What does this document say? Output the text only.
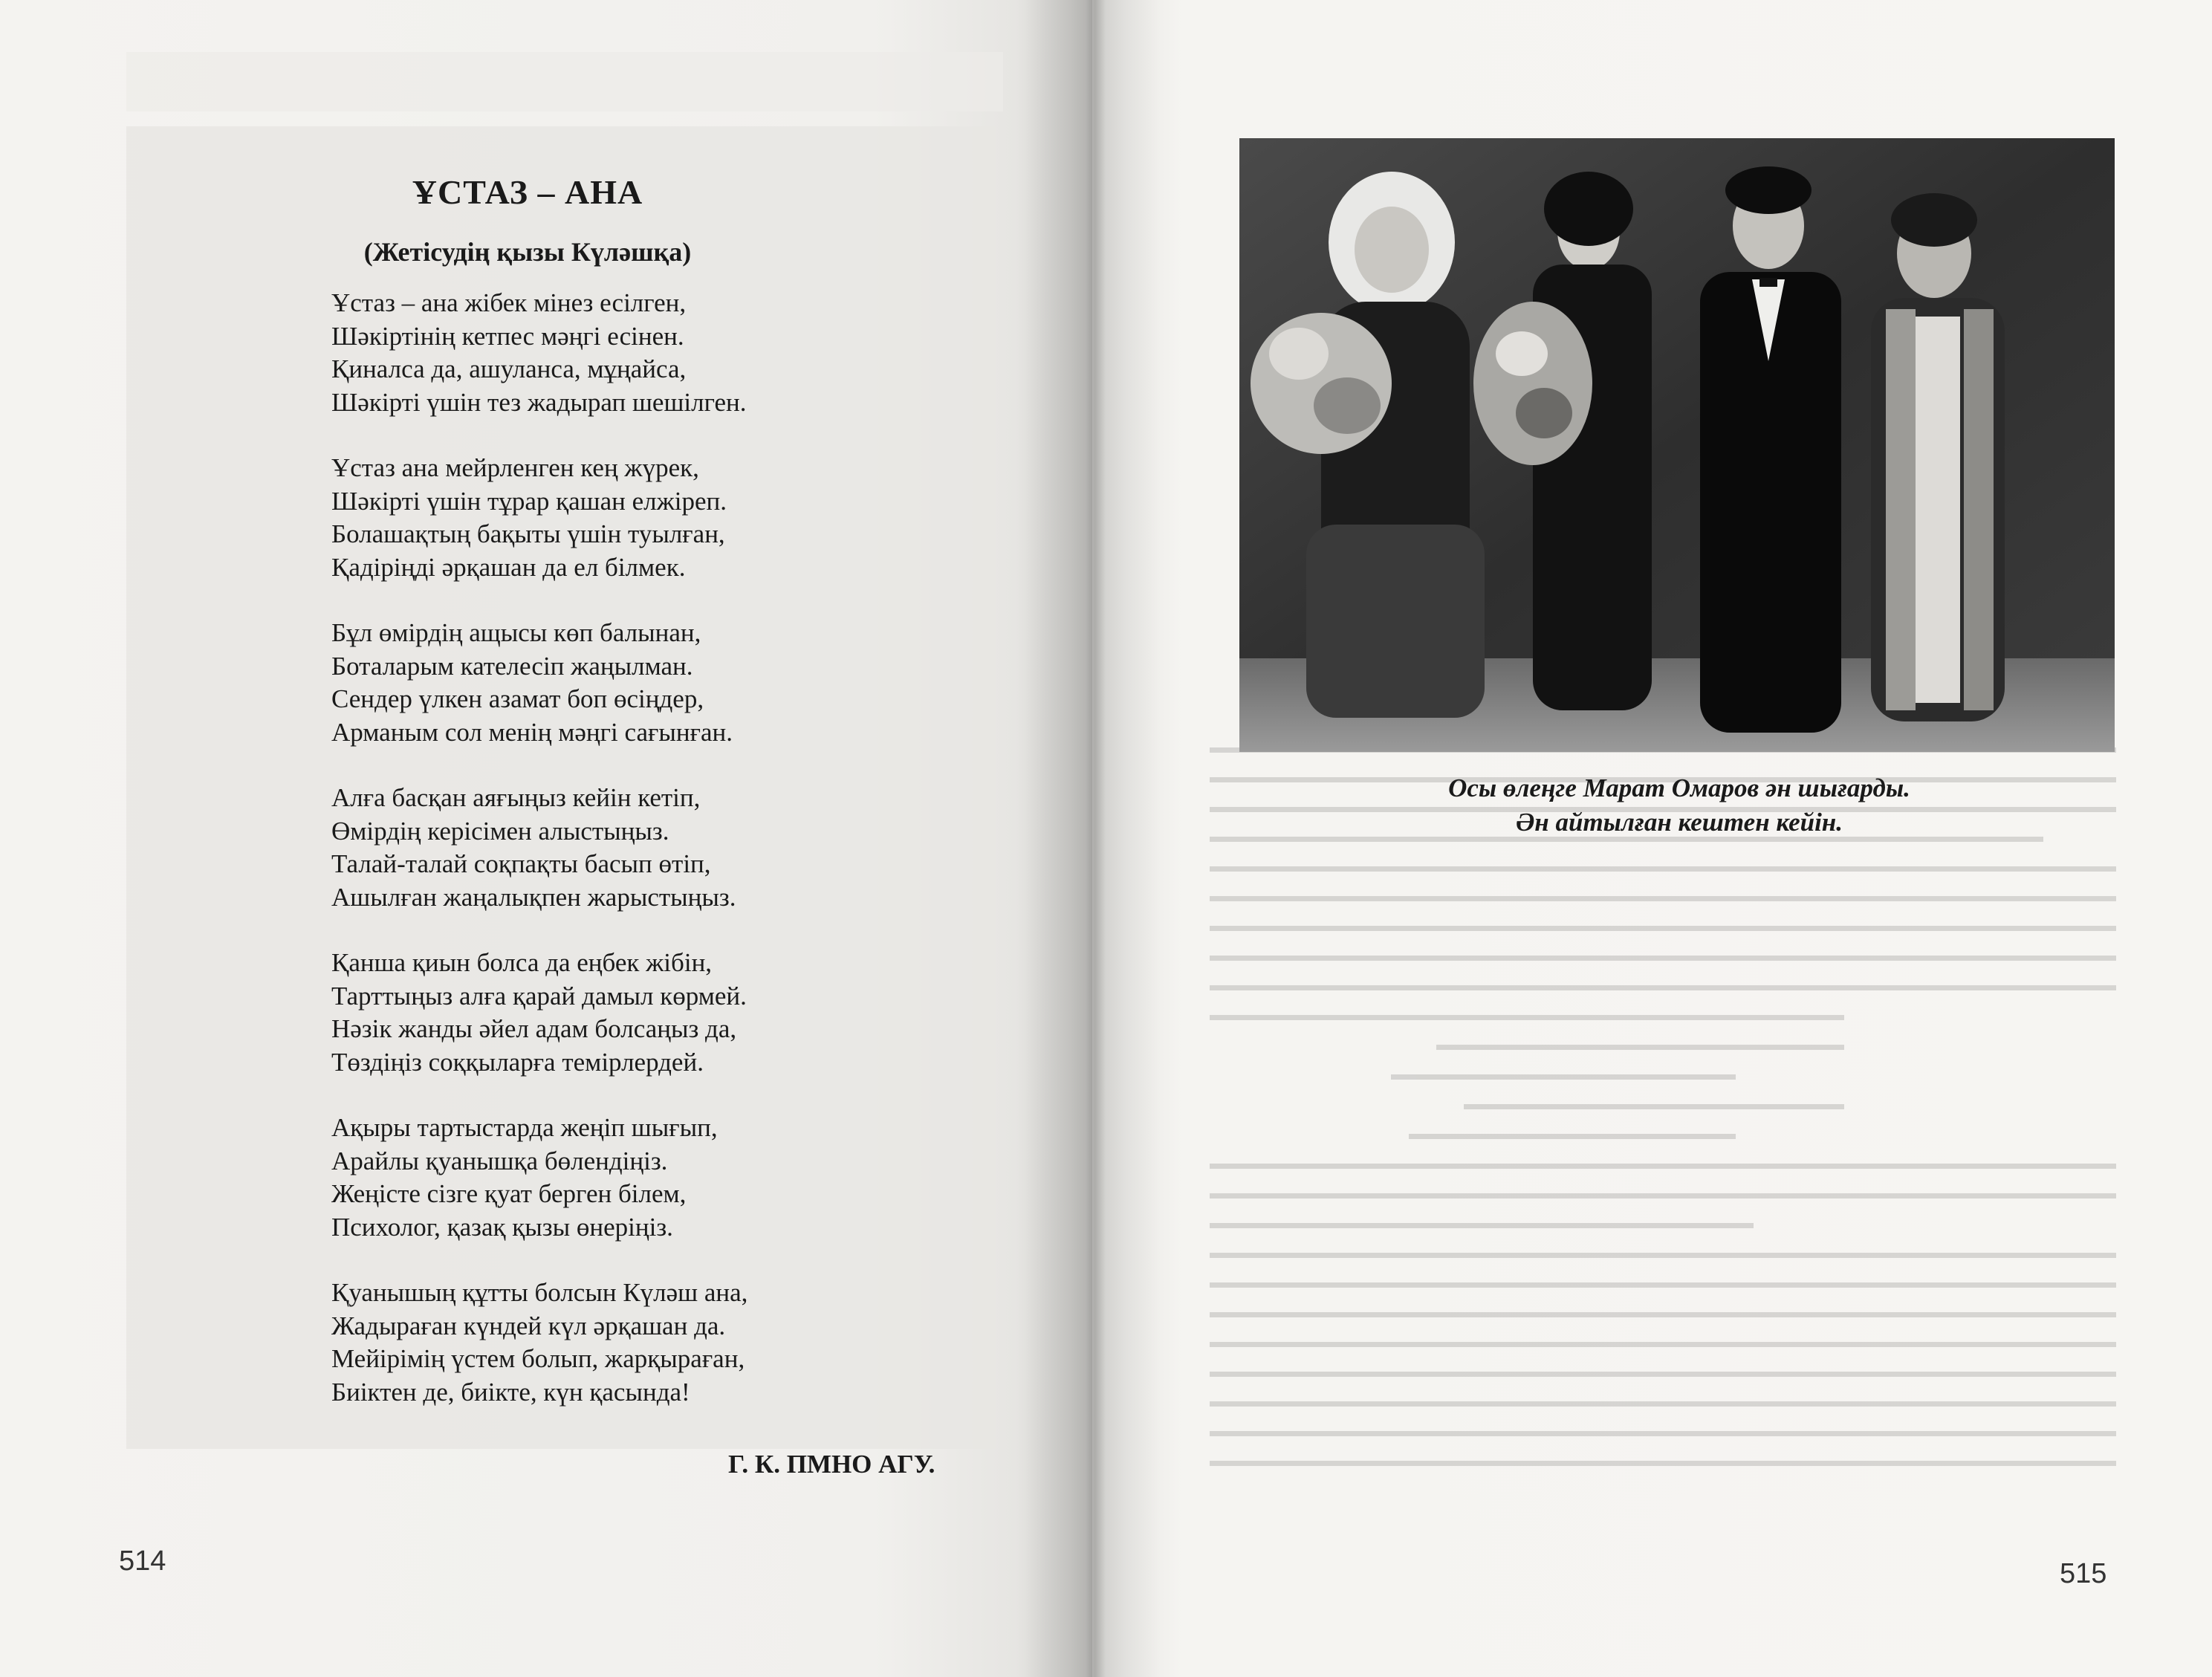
ҰСТАЗ – АНА
(Жетісудің қызы Күләшқа)
Ұстаз – ана жібек мінез есілген,
Шәкіртінің кетпес мәңгі есінен.
Қиналса да, ашуланса, мұңайса,
Шәкірті үшін тез жадырап шешілген.
Ұстаз ана мейрленген кең жүрек,
Шәкірті үшін тұрар қашан елжіреп.
Болашақтың бақыты үшін туылған,
Қадіріңді әрқашан да ел білмек.
Бұл өмірдің ащысы көп балынан,
Боталарым кателесіп жаңылман.
Сендер үлкен азамат боп өсіңдер,
Арманым сол менің мәңгі сағынған.
Алға басқан аяғыңыз кейін кетіп,
Өмірдің керісімен алыстыңыз.
Талай-талай соқпақты басып өтіп,
Ашылған жаңалықпен жарыстыңыз.
Қанша қиын болса да еңбек жібін,
Тарттыңыз алға қарай дамыл көрмей.
Нәзік жанды әйел адам болсаңыз да,
Төздіңіз соққыларға темірлердей.
Ақыры тартыстарда жеңіп шығып,
Арайлы қуанышқа бөлендіңіз.
Жеңісте сізге қуат берген білем,
Психолог, қазақ қызы өнеріңіз.
Қуанышың құтты болсын Күләш ана,
Жадыраған күндей күл әрқашан да.
Мейірімің үстем болып, жарқыраған,
Биіктен де, биікте, күн қасында!
Г. К. ПМНО АГУ.
514
Осы өлеңге Марат Омаров ән шығарды.
Ән айтылған кештен кейін.
515
